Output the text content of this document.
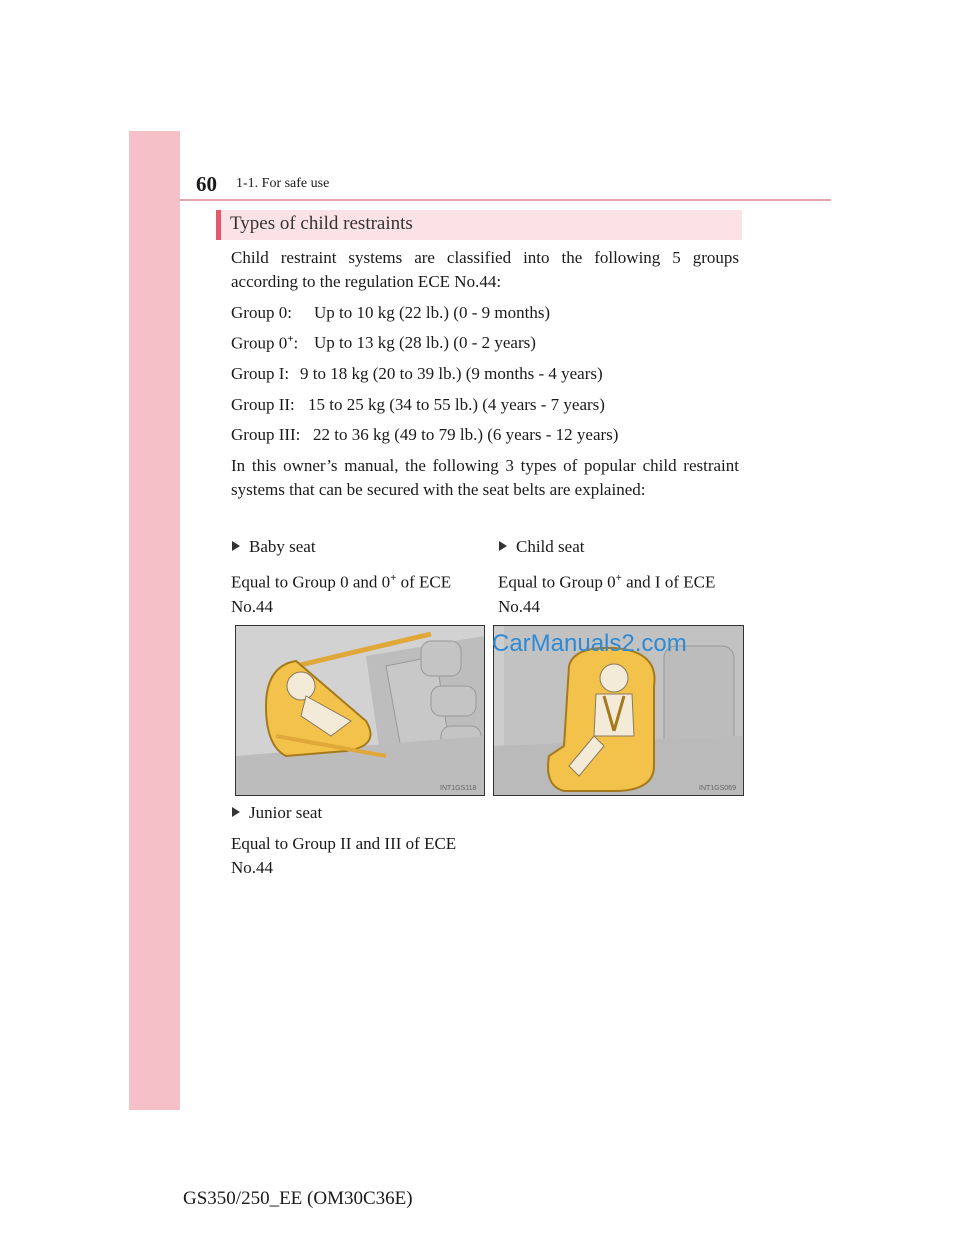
60 1-1. For safe use
Types of child restraints
Child restraint systems are classified into the following 5 groups according to the regulation ECE No.44:
Group 0: Up to 10 kg (22 lb.) (0 - 9 months)
Group 0+: Up to 13 kg (28 lb.) (0 - 2 years)
Group I: 9 to 18 kg (20 to 39 lb.) (9 months - 4 years)
Group II: 15 to 25 kg (34 to 55 lb.) (4 years - 7 years)
Group III: 22 to 36 kg (49 to 79 lb.) (6 years - 12 years)
In this owner’s manual, the following 3 types of popular child restraint systems that can be secured with the seat belts are explained:
Baby seat	Child seat
Equal to Group 0 and 0+ of ECE No.44
Equal to Group 0+ and I of ECE No.44
INT1GS118	INT1GS069
CarManuals2.com
Junior seat
Equal to Group II and III of ECE No.44
GS350/250_EE (OM30C36E)
